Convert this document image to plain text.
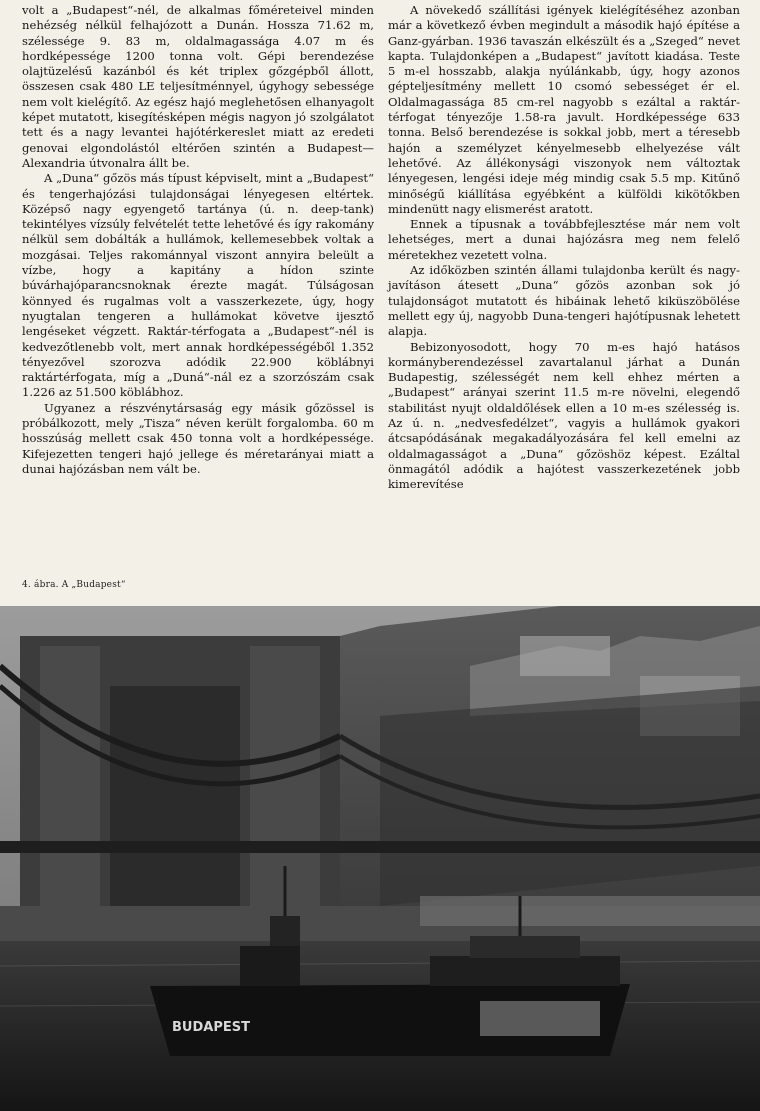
volt a „Budapest“-nél, de alkalmas főméreteivel minden nehézség nélkül felhajózott a Dunán. Hossza 71.62 m, szélessége 9. 83 m, oldalmagassága 4.07 m és hordképessége 1200 tonna volt. Gépi berendezése olajtüzelésű kazánból és két triplex gőzgépből állott, összesen csak 480 LE teljesítménnyel, úgyhogy sebessége nem volt kielégítő. Az egész hajó meglehetősen elhanyagolt képet mutatott, kisegítésképen mégis nagyon jó szolgálatot tett és a nagy levantei hajótérkereslet miatt az eredeti genovai elgondolástól eltérően szintén a Budapest—Alexandria útvonalra állt be.

A „Duna“ gőzös más típust képviselt, mint a „Budapest“ és tengerhajózási tulajdonságai lényegesen eltértek. Középső nagy egyengető tartánya (ú. n. deep-tank) tekintélyes vízsúly felvételét tette lehetővé és így rakomány nélkül sem dobálták a hullámok, kellemesebbek voltak a mozgásai. Teljes rakománnyal viszont annyira beleült a vízbe, hogy a kapitány a hídon szinte búvárhajóparancsnoknak érezte magát. Túlságosan könnyed és rugalmas volt a vasszerkezete, úgy, hogy nyugtalan tengeren a hullámokat követve ijesztő lengéseket végzett. Raktár-térfogata a „Budapest“-nél is kedvezőtlenebb volt, mert annak hordképességéből 1.352 tényezővel szorozva adódik 22.900 köblábnyi raktártérfogata, míg a „Duná“-nál ez a szorzószám csak 1.226 az 51.500 köblábhoz.

Ugyanez a részvénytársaság egy másik gőzössel is próbálkozott, mely „Tisza“ néven került forgalomba. 60 m hosszúság mellett csak 450 tonna volt a hordképessége. Kifejezetten tengeri hajó jellege és méretarányai miatt a dunai hajózásban nem vált be.

A növekedő szállítási igények kielégítéséhez azonban már a következő évben megindult a második hajó építése a Ganz-gyárban. 1936 tavaszán elkészült és a „Szeged“ nevet kapta. Tulajdonképen a „Budapest“ javított kiadása. Teste 5 m-el hosszabb, alakja nyúlánkabb, úgy, hogy azonos gépteljesítmény mellett 10 csomó sebességet ér el. Oldalmagassága 85 cm-rel nagyobb s ezáltal a raktár-térfogat tényezője 1.58-ra javult. Hordképessége 633 tonna. Belső berendezése is sokkal jobb, mert a téresebb hajón a személyzet kényelmesebb elhelyezése vált lehetővé. Az állékonysági viszonyok nem változtak lényegesen, lengési ideje még mindig csak 5.5 mp. Kitűnő minőségű kiállítása egyébként a külföldi kikötőkben mindenütt nagy elismerést aratott.

Ennek a típusnak a továbbfejlesztése már nem volt lehetséges, mert a dunai hajózásra meg nem felelő méretekhez vezetett volna.

Az időközben szintén állami tulajdonba került és nagy-javításon átesett „Duna“ gőzös azonban sok jó tulajdonságot mutatott és hibáinak lehető kiküszöbölése mellett egy új, nagyobb Duna-tengeri hajótípusnak lehetett alapja.

Bebizonyosodott, hogy 70 m-es hajó hatásos kormányberendezéssel zavartalanul járhat a Dunán Budapestig, szélességét nem kell ehhez mérten a „Budapest“ arányai szerint 11.5 m-re növelni, elegendő stabilitást nyujt oldaldőlések ellen a 10 m-es szélesség is. Az ú. n. „nedvesfedélzet“, vagyis a hullámok gyakori átcsapódásának megakadályozására fel kell emelni az oldalmagasságot a „Duna“ gőzöshöz képest. Ezáltal önmagától adódik a hajótest vasszerkezetének jobb kimerevítése

4. ábra. A „Budapest“
BUDAPEST
